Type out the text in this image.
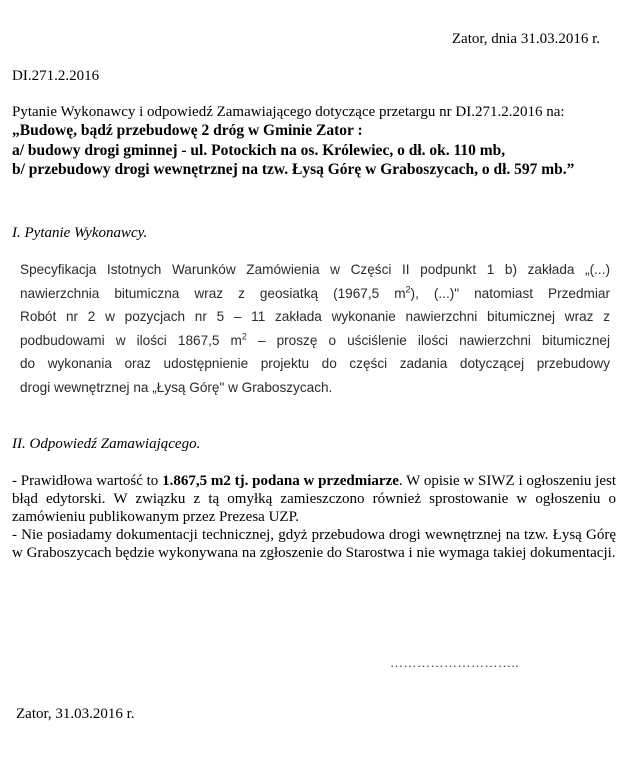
Zator, dnia 31.03.2016 r.
DI.271.2.2016
Pytanie Wykonawcy i odpowiedź Zamawiającego dotyczące przetargu nr DI.271.2.2016 na:
„Budowę, bądź przebudowę 2 dróg w Gminie Zator :
a/ budowy drogi gminnej - ul. Potockich na os. Królewiec, o dł. ok. 110 mb,
b/ przebudowy drogi wewnętrznej na tzw. Łysą Górę w Graboszycach, o dł. 597 mb.”
I. Pytanie Wykonawcy.
Specyfikacja Istotnych Warunków Zamówienia w Części II podpunkt 1 b) zakłada „(...)
nawierzchnia bitumiczna wraz z geosiatką (1967,5 $m^2$), (...)" natomiast Przedmiar
Robót nr 2 w pozycjach nr 5 – 11 zakłada wykonanie nawierzchni bitumicznej wraz z
podbudowami w ilości 1867,5 $m^2$ – proszę o uściślenie ilości nawierzchni bitumicznej
do wykonania oraz udostępnienie projektu do części zadania dotyczącej przebudowy
drogi wewnętrznej na „Łysą Górę" w Graboszycach.
II. Odpowiedź Zamawiającego.

- Prawidłowa wartość to 1.867,5 m2 tj. podana w przedmiarze. W opisie w SIWZ i ogłoszeniu jest błąd edytorski. W związku z tą omyłką zamieszczono również sprostowanie w ogłoszeniu o zamówieniu publikowanym przez Prezesa UZP.

- Nie posiadamy dokumentacji technicznej, gdyż przebudowa drogi wewnętrznej na tzw. Łysą Górę w Graboszycach będzie wykonywana na zgłoszenie do Starostwa i nie wymaga takiej dokumentacji.

………………………..
Zator, 31.03.2016 r.
